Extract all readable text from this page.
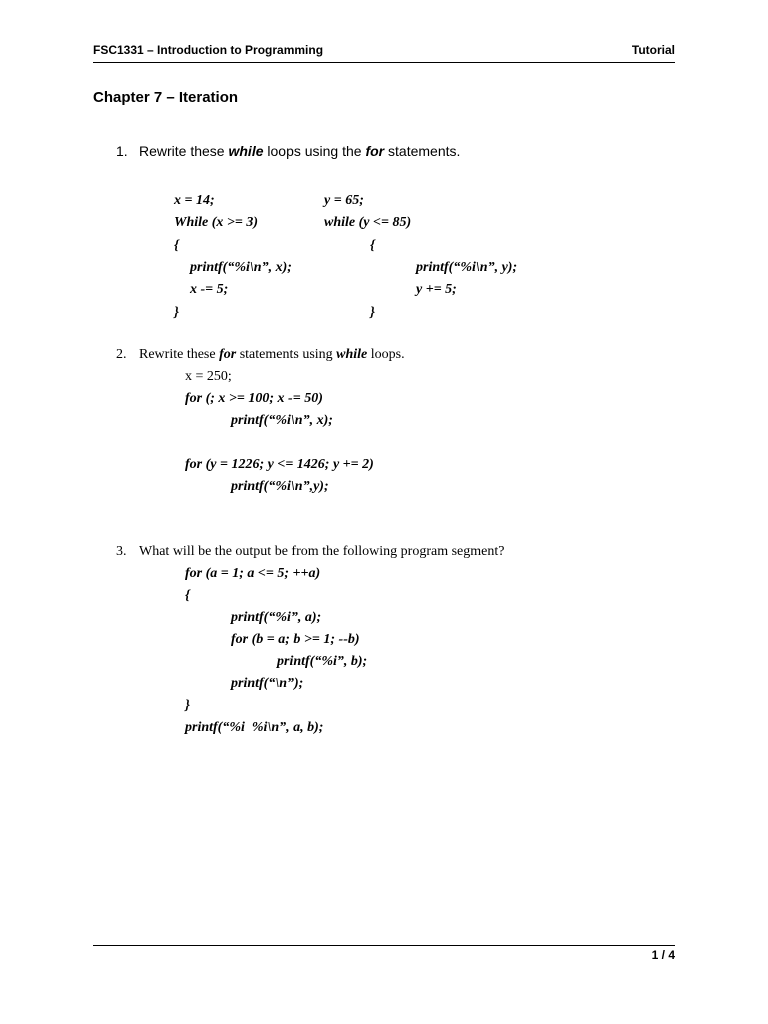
FSC1331 – Introduction to Programming	Tutorial
Chapter 7 – Iteration
1. Rewrite these while loops using the for statements.
x = 14;
While (x >= 3)
{
printf(“%i\n”, x);
x -= 5;
}
y = 65;
while (y <= 85)
{
printf(“%i\n”, y);
y += 5;
}
2. Rewrite these for statements using while loops.
x = 250;
for (; x >= 100; x -= 50)
printf(“%i\n”, x);
for (y = 1226; y <= 1426; y += 2)
printf(“%i\n”,y);
3. What will be the output be from the following program segment?
for (a = 1; a <= 5; ++a)
{
printf(“%i”, a);
for (b = a; b >= 1; --b)
printf(“%i”, b);
printf(“\n”);
}
printf(“%i  %i\n”, a, b);
1 / 4
